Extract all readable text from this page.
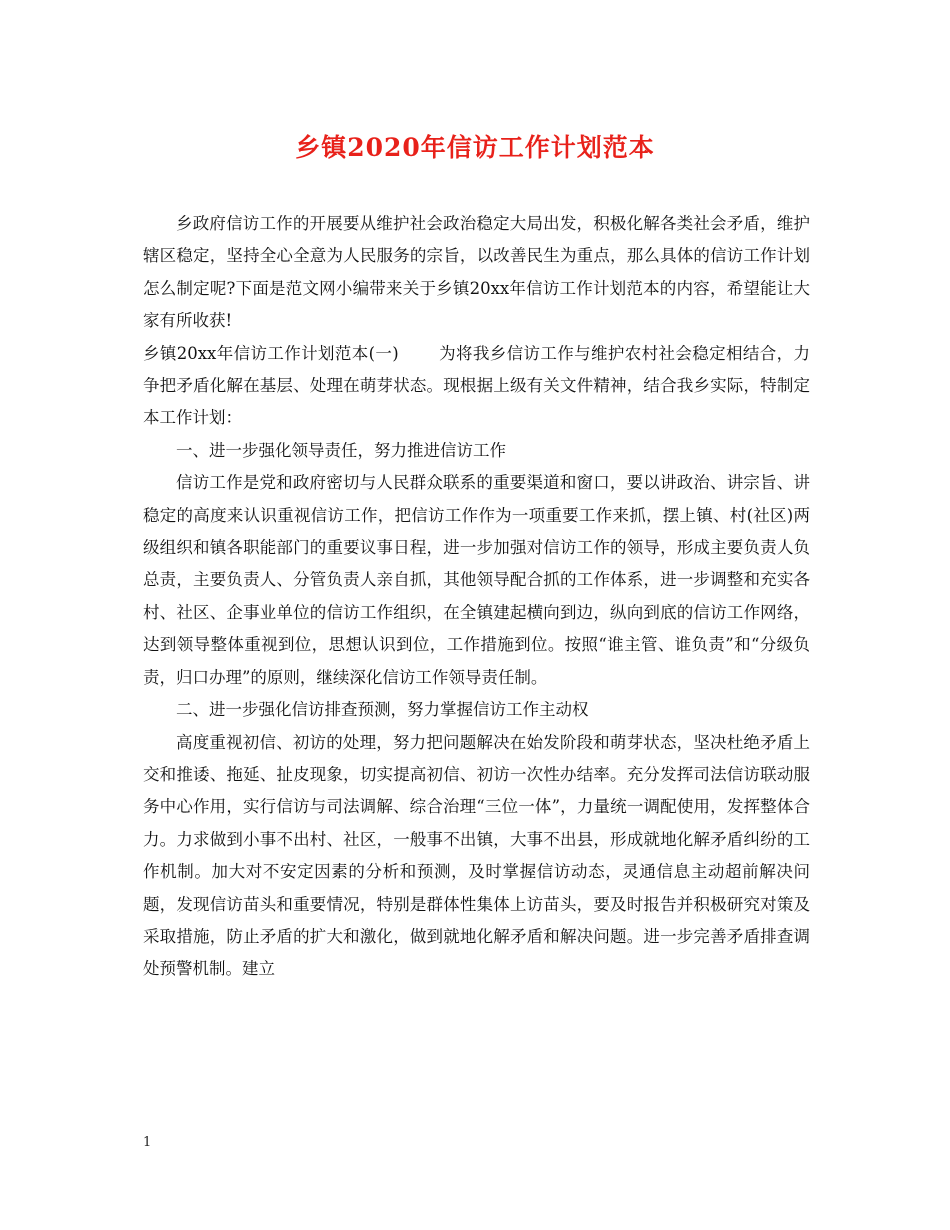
乡镇2020年信访工作计划范本

乡政府信访工作的开展要从维护社会政治稳定大局出发，积极化解各类社会矛盾，维护辖区稳定，坚持全心全意为人民服务的宗旨，以改善民生为重点，那么具体的信访工作计划怎么制定呢?下面是范文网小编带来关于乡镇20xx年信访工作计划范本的内容，希望能让大家有所收获!

乡镇20xx年信访工作计划范本(一) 为将我乡信访工作与维护农村社会稳定相结合，力争把矛盾化解在基层、处理在萌芽状态。现根据上级有关文件精神，结合我乡实际，特制定本工作计划：

一、进一步强化领导责任，努力推进信访工作

信访工作是党和政府密切与人民群众联系的重要渠道和窗口，要以讲政治、讲宗旨、讲稳定的高度来认识重视信访工作，把信访工作作为一项重要工作来抓，摆上镇、村(社区)两级组织和镇各职能部门的重要议事日程，进一步加强对信访工作的领导，形成主要负责人负总责，主要负责人、分管负责人亲自抓，其他领导配合抓的工作体系，进一步调整和充实各村、社区、企事业单位的信访工作组织，在全镇建起横向到边，纵向到底的信访工作网络，达到领导整体重视到位，思想认识到位，工作措施到位。按照“谁主管、谁负责”和“分级负责，归口办理”的原则，继续深化信访工作领导责任制。

二、进一步强化信访排查预测，努力掌握信访工作主动权

高度重视初信、初访的处理，努力把问题解决在始发阶段和萌芽状态，坚决杜绝矛盾上交和推诿、拖延、扯皮现象，切实提高初信、初访一次性办结率。充分发挥司法信访联动服务中心作用，实行信访与司法调解、综合治理“三位一体”，力量统一调配使用，发挥整体合力。力求做到小事不出村、社区，一般事不出镇，大事不出县，形成就地化解矛盾纠纷的工作机制。加大对不安定因素的分析和预测，及时掌握信访动态，灵通信息主动超前解决问题，发现信访苗头和重要情况，特别是群体性集体上访苗头，要及时报告并积极研究对策及采取措施，防止矛盾的扩大和激化，做到就地化解矛盾和解决问题。进一步完善矛盾排查调处预警机制。建立

1
